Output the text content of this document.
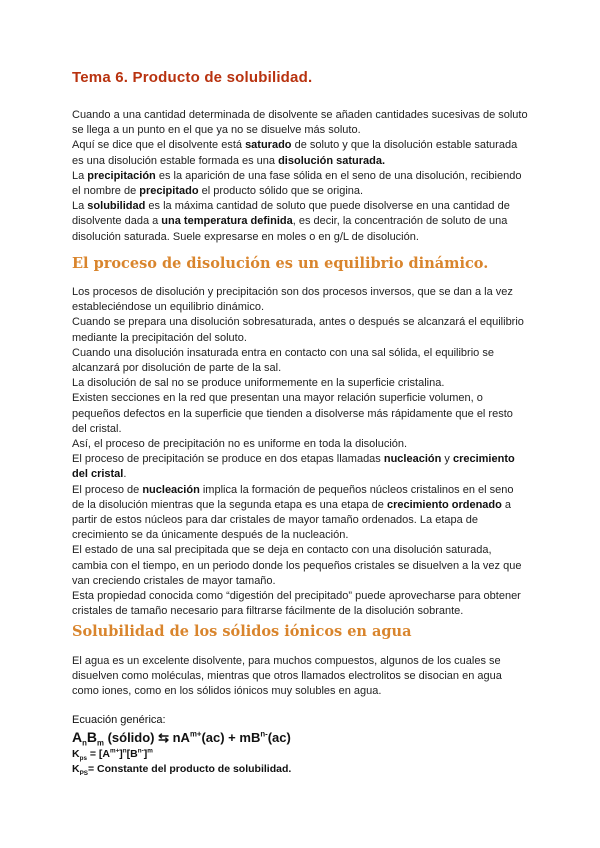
Tema 6. Producto de solubilidad.

Cuando a una cantidad determinada de disolvente se añaden cantidades sucesivas de soluto se llega a un punto en el que ya no se disuelve más soluto.

Aquí se dice que el disolvente está saturado de soluto y que la disolución estable saturada es una disolución estable formada es una disolución saturada.

La precipitación es la aparición de una fase sólida en el seno de una disolución, recibiendo el nombre de precipitado el producto sólido que se origina.

La solubilidad es la máxima cantidad de soluto que puede disolverse en una cantidad de disolvente dada a una temperatura definida, es decir, la concentración de soluto de una disolución saturada. Suele expresarse en moles o en g/L de disolución.

El proceso de disolución es un equilibrio dinámico.

Los procesos de disolución y precipitación son dos procesos inversos, que se dan a la vez estableciéndose un equilibrio dinámico.

Cuando se prepara una disolución sobresaturada, antes o después se alcanzará el equilibrio mediante la precipitación del soluto.

Cuando una disolución insaturada entra en contacto con una sal sólida, el equilibrio se alcanzará por disolución de parte de la sal.

La disolución de sal no se produce uniformemente en la superficie cristalina.

Existen secciones en la red que presentan una mayor relación superficie volumen, o pequeños defectos en la superficie que tienden a disolverse más rápidamente que el resto del cristal.

Así, el proceso de precipitación no es uniforme en toda la disolución.

El proceso de precipitación se produce en dos etapas llamadas nucleación y crecimiento del cristal.

El proceso de nucleación implica la formación de pequeños núcleos cristalinos en el seno de la disolución mientras que la segunda etapa es una etapa de crecimiento ordenado a partir de estos núcleos para dar cristales de mayor tamaño ordenados. La etapa de crecimiento se da únicamente después de la nucleación.

El estado de una sal precipitada que se deja en contacto con una disolución saturada, cambia con el tiempo, en un periodo donde los pequeños cristales se disuelven a la vez que van creciendo cristales de mayor tamaño.

Esta propiedad conocida como “digestión del precipitado” puede aprovecharse para obtener cristales de tamaño necesario para filtrarse fácilmente de la disolución sobrante.

Solubilidad de los sólidos iónicos en agua

El agua es un excelente disolvente, para muchos compuestos, algunos de los cuales se disuelven como moléculas, mientras que otros llamados electrolitos se disocian en agua como iones, como en los sólidos iónicos muy solubles en agua.

Ecuación genérica:

$A_nB_m$ (sólido) ⇆ $nA^{m+}(ac) + mB^{n-}(ac)$

$K_{ps} = [A^{m+}]^n[B^{n-}]^m$

$K_{PS}=$ Constante del producto de solubilidad.
